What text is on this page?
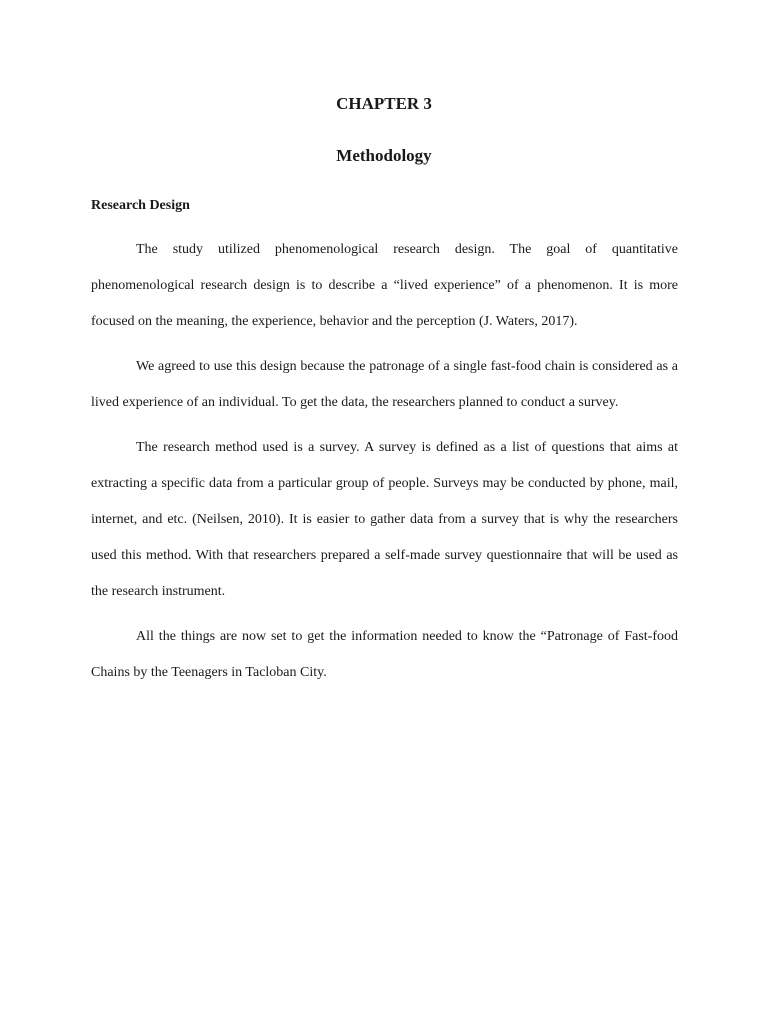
CHAPTER 3
Methodology
Research Design

The study utilized phenomenological research design. The goal of quantitative phenomenological research design is to describe a “lived experience” of a phenomenon. It is more focused on the meaning, the experience, behavior and the perception (J. Waters, 2017).

We agreed to use this design because the patronage of a single fast-food chain is considered as a lived experience of an individual. To get the data, the researchers planned to conduct a survey.

The research method used is a survey. A survey is defined as a list of questions that aims at extracting a specific data from a particular group of people. Surveys may be conducted by phone, mail, internet, and etc. (Neilsen, 2010). It is easier to gather data from a survey that is why the researchers used this method. With that researchers prepared a self-made survey questionnaire that will be used as the research instrument.

All the things are now set to get the information needed to know the “Patronage of Fast-food Chains by the Teenagers in Tacloban City.
